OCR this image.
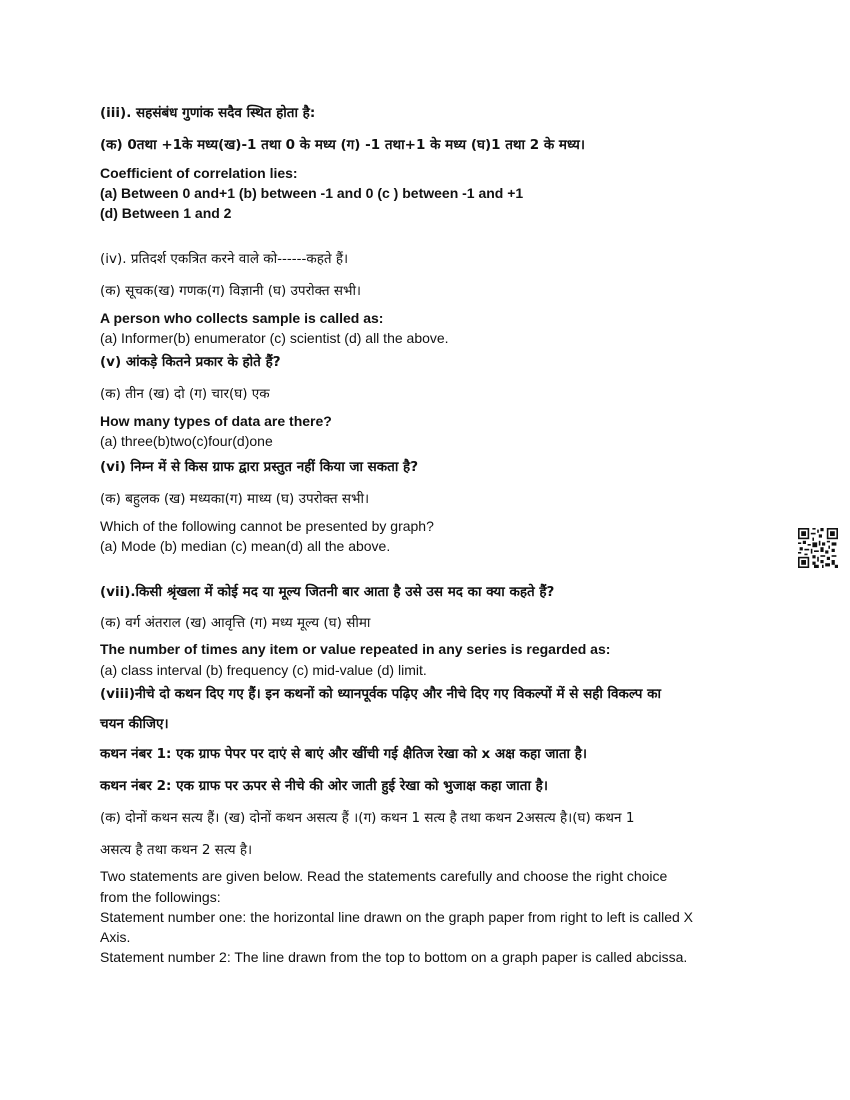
(iii). सहसंबंध गुणांक सदैव स्थित होता है:
(क) 0तथा +1के मध्य(ख)-1 तथा 0 के मध्य (ग) -1 तथा+1 के मध्य (घ)1 तथा 2 के मध्य।
Coefficient of correlation lies:
(a) Between 0 and+1 (b) between -1 and 0 (c ) between -1 and +1
(d) Between 1 and 2
(iv). प्रतिदर्श एकत्रित करने वाले को------कहते हैं।
(क) सूचक(ख) गणक(ग) विज्ञानी (घ) उपरोक्त सभी।
A person who collects sample is called as:
(a) Informer(b) enumerator (c) scientist (d) all the above.
(v) आंकड़े कितने प्रकार के होते हैं?
(क) तीन (ख) दो (ग) चार(घ) एक
How many types of data are there?
(a) three(b)two(c)four(d)one
(vi) निम्न में से किस ग्राफ द्वारा प्रस्तुत नहीं किया जा सकता है?
(क) बहुलक (ख) मध्यका(ग) माध्य (घ) उपरोक्त सभी।
Which of the following cannot be presented by graph?
(a) Mode (b) median (c) mean(d) all the above.
(vii).किसी श्रृंखला में कोई मद या मूल्य जितनी बार आता है उसे उस मद का क्या कहते हैं?
(क) वर्ग अंतराल (ख) आवृत्ति (ग) मध्य मूल्य (घ) सीमा
The number of times any item or value repeated in any series is regarded as:
(a) class interval (b) frequency (c) mid-value (d) limit.
(viii)नीचे दो कथन दिए गए हैं। इन कथनों को ध्यानपूर्वक पढ़िए और नीचे दिए गए विकल्पों में से सही विकल्प का
चयन कीजिए।
कथन नंबर 1: एक ग्राफ पेपर पर दाएं से बाएं और खींची गई क्षैतिज रेखा को x अक्ष कहा जाता है।
कथन नंबर 2: एक ग्राफ पर ऊपर से नीचे की ओर जाती हुई रेखा को भुजाक्ष कहा जाता है।
(क) दोनों कथन सत्य हैं। (ख) दोनों कथन असत्य हैं ।(ग) कथन 1 सत्य है तथा कथन 2असत्य है।(घ) कथन 1
असत्य है तथा कथन 2 सत्य है।
Two statements are given below. Read the statements carefully and choose the right choice
from the followings:
Statement number one: the horizontal line drawn on the graph paper from right to left is called X
Axis.
Statement number 2: The line drawn from the top to bottom on a graph paper is called abcissa.
